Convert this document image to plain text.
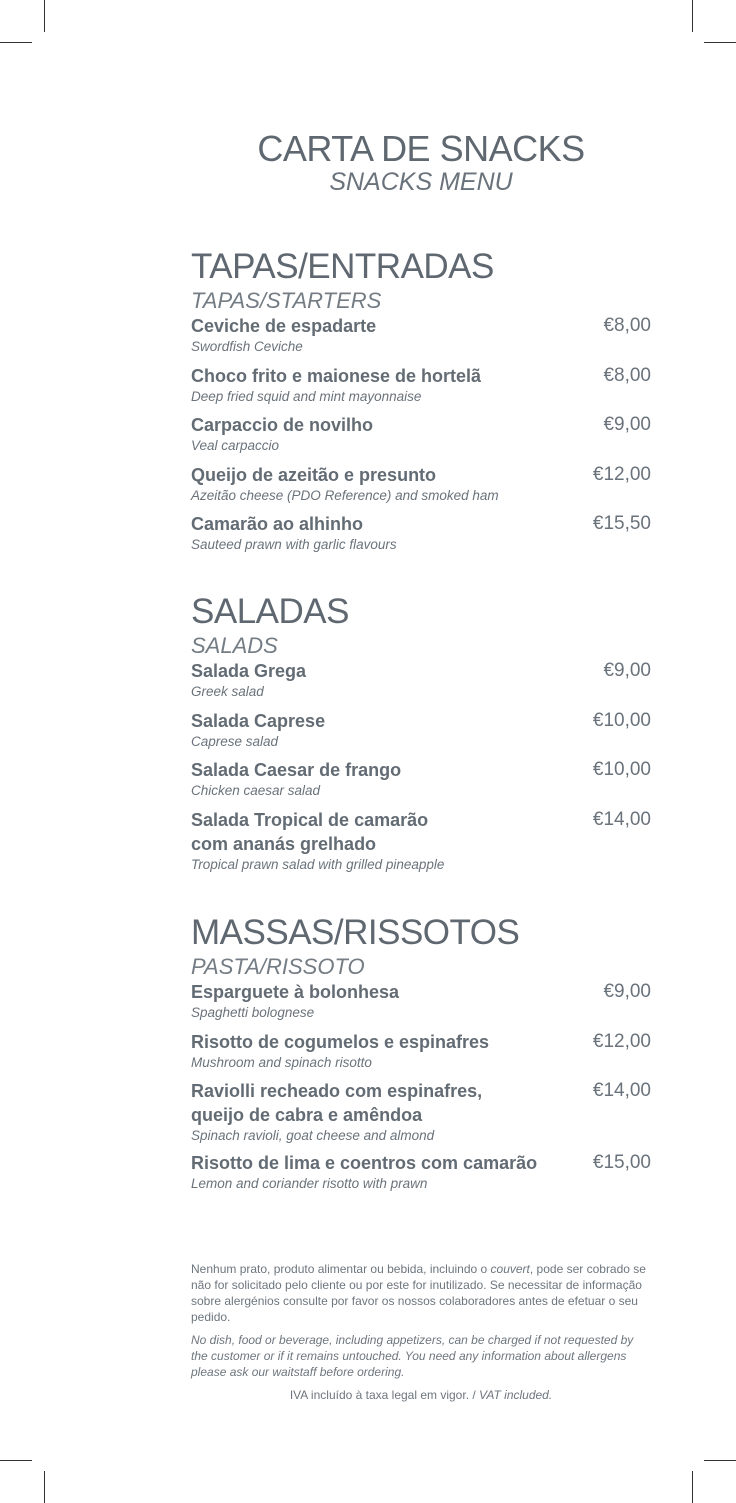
CARTA DE SNACKS
SNACKS MENU
TAPAS/ENTRADAS
TAPAS/STARTERS
Ceviche de espadarte
Swordfish Ceviche
€8,00
Choco frito e maionese de hortelã
Deep fried squid and mint mayonnaise
€8,00
Carpaccio de novilho
Veal carpaccio
€9,00
Queijo de azeitão e presunto
Azeitão cheese (PDO Reference) and smoked ham
€12,00
Camarão ao alhinho
Sauteed prawn with garlic flavours
€15,50
SALADAS
SALADS
Salada Grega
Greek salad
€9,00
Salada Caprese
Caprese salad
€10,00
Salada Caesar de frango
Chicken caesar salad
€10,00
Salada Tropical de camarão com ananás grelhado
Tropical prawn salad with grilled pineapple
€14,00
MASSAS/RISSOTOS
PASTA/RISSOTO
Esparguete à bolonhesa
Spaghetti bolognese
€9,00
Risotto de cogumelos e espinafres
Mushroom and spinach risotto
€12,00
Raviolli recheado com espinafres, queijo de cabra e amêndoa
Spinach ravioli, goat cheese and almond
€14,00
Risotto de lima e coentros com camarão
Lemon and coriander risotto with prawn
€15,00
Nenhum prato, produto alimentar ou bebida, incluindo o couvert, pode ser cobrado se não for solicitado pelo cliente ou por este for inutilizado. Se necessitar de informação sobre alergénios consulte por favor os nossos colaboradores antes de efetuar o seu pedido.
No dish, food or beverage, including appetizers, can be charged if not requested by the customer or if it remains untouched. You need any information about allergens please ask our waitstaff before ordering.
IVA incluído à taxa legal em vigor. / VAT included.
